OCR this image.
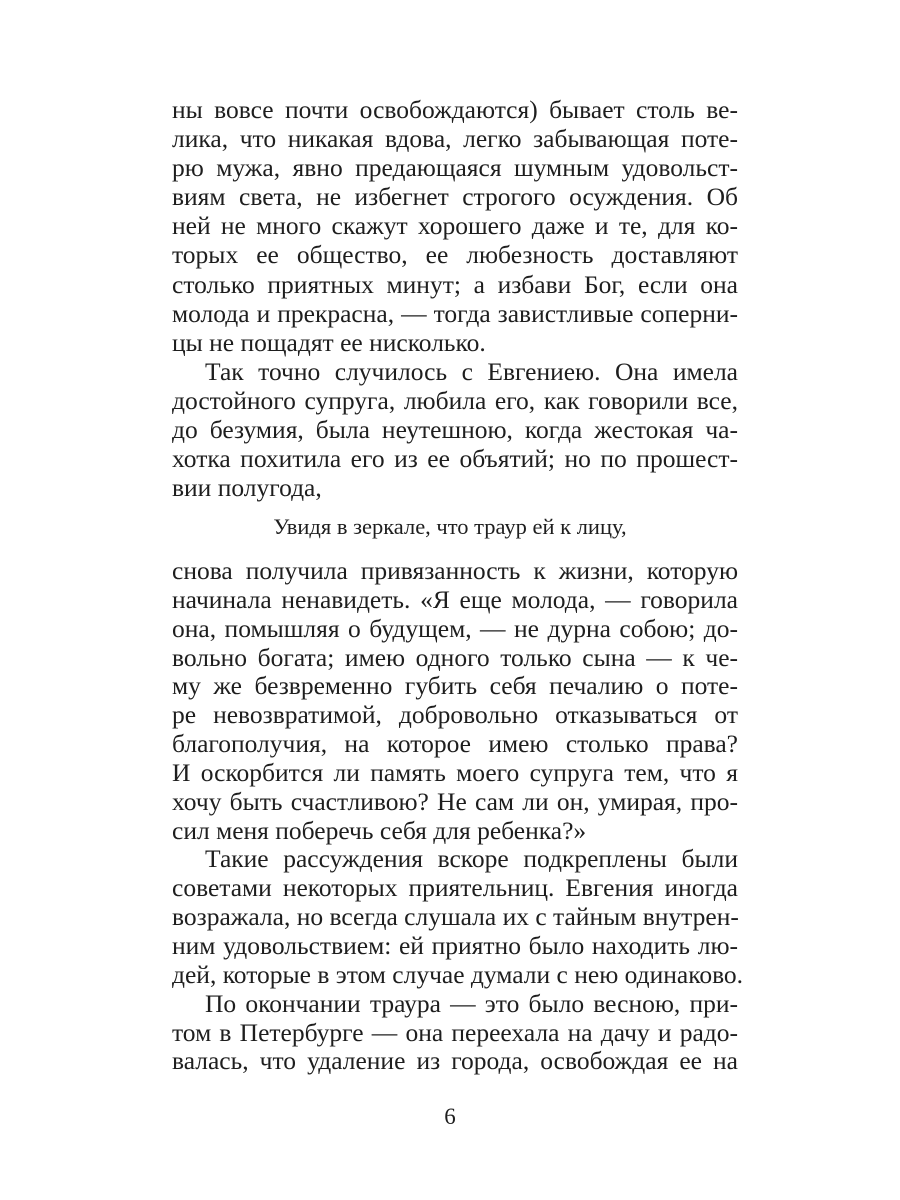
ны вовсе почти освобождаются) бывает столь ве-
лика, что никакая вдова, легко забывающая поте-
рю мужа, явно предающаяся шумным удовольст-
виям света, не избегнет строгого осуждения. Об
ней не много скажут хорошего даже и те, для ко-
торых ее общество, ее любезность доставляют
столько приятных минут; а избави Бог, если она
молода и прекрасна, — тогда завистливые соперни-
цы не пощадят ее нисколько.
Так точно случилось с Евгениею. Она имела
достойного супруга, любила его, как говорили все,
до безумия, была неутешною, когда жестокая ча-
хотка похитила его из ее объятий; но по прошест-
вии полугода,
Увидя в зеркале, что траур ей к лицу,
снова получила привязанность к жизни, которую
начинала ненавидеть. «Я еще молода, — говорила
она, помышляя о будущем, — не дурна собою; до-
вольно богата; имею одного только сына — к че-
му же безвременно губить себя печалию о поте-
ре невозвратимой, добровольно отказываться от
благополучия, на которое имею столько права?
И оскорбится ли память моего супруга тем, что я
хочу быть счастливою? Не сам ли он, умирая, про-
сил меня поберечь себя для ребенка?»
Такие рассуждения вскоре подкреплены были
советами некоторых приятельниц. Евгения иногда
возражала, но всегда слушала их с тайным внутрен-
ним удовольствием: ей приятно было находить лю-
дей, которые в этом случае думали с нею одинаково.
По окончании траура — это было весною, при-
том в Петербурге — она переехала на дачу и радо-
валась, что удаление из города, освобождая ее на
6
